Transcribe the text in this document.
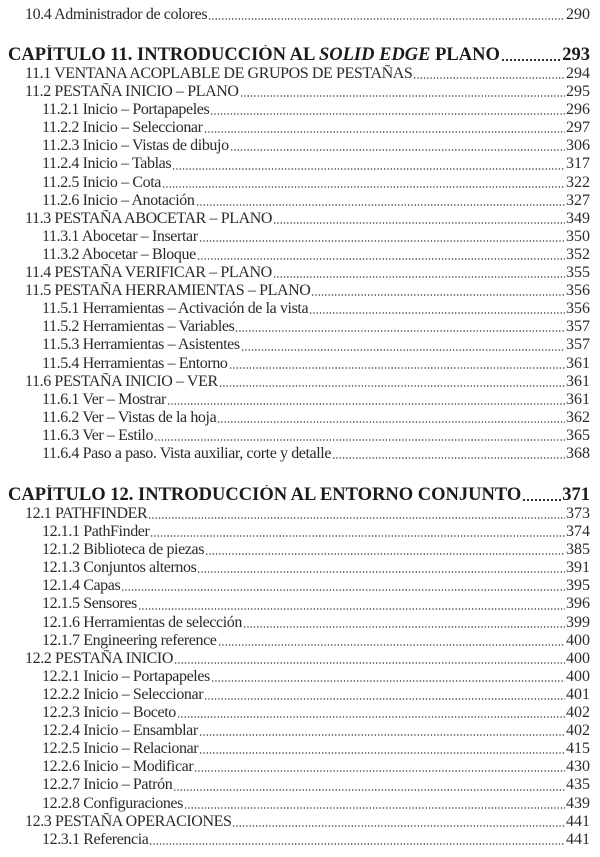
10.4 Administrador de colores	290
CAPÍTULO 11. INTRODUCCIÓN AL SOLID EDGE PLANO	293
11.1 VENTANA ACOPLABLE DE GRUPOS DE PESTAÑAS	294
11.2 PESTAÑA INICIO – PLANO	295
11.2.1 Inicio – Portapapeles	296
11.2.2 Inicio – Seleccionar	297
11.2.3 Inicio – Vistas de dibujo	306
11.2.4 Inicio – Tablas	317
11.2.5 Inicio – Cota	322
11.2.6 Inicio – Anotación	327
11.3 PESTAÑA ABOCETAR – PLANO	349
11.3.1 Abocetar – Insertar	350
11.3.2 Abocetar – Bloque	352
11.4 PESTAÑA VERIFICAR – PLANO	355
11.5 PESTAÑA HERRAMIENTAS – PLANO	356
11.5.1 Herramientas – Activación de la vista	356
11.5.2 Herramientas – Variables	357
11.5.3 Herramientas – Asistentes	357
11.5.4 Herramientas – Entorno	361
11.6 PESTAÑA INICIO – VER	361
11.6.1 Ver – Mostrar	361
11.6.2 Ver – Vistas de la hoja	362
11.6.3 Ver – Estilo	365
11.6.4 Paso a paso. Vista auxiliar, corte y detalle	368
CAPÍTULO 12. INTRODUCCIÓN AL ENTORNO CONJUNTO 371
12.1 PATHFINDER	373
12.1.1 PathFinder	374
12.1.2 Biblioteca de piezas	385
12.1.3 Conjuntos alternos	391
12.1.4 Capas	395
12.1.5 Sensores	396
12.1.6 Herramientas de selección	399
12.1.7 Engineering reference	400
12.2 PESTAÑA INICIO	400
12.2.1 Inicio – Portapapeles	400
12.2.2 Inicio – Seleccionar	401
12.2.3 Inicio – Boceto	402
12.2.4 Inicio – Ensamblar	402
12.2.5 Inicio – Relacionar	415
12.2.6 Inicio – Modificar	430
12.2.7 Inicio – Patrón	435
12.2.8 Configuraciones	439
12.3 PESTAÑA OPERACIONES	441
12.3.1 Referencia	441
